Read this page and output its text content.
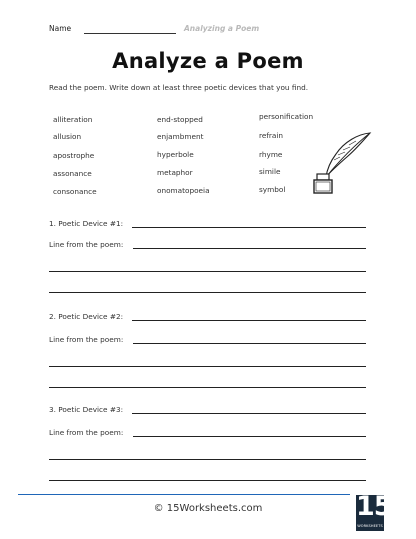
Name	Analyzing a Poem
Analyze a Poem
Read the poem. Write down at least three poetic devices that you find.
alliteration
allusion
apostrophe
assonance
consonance
end-stopped
enjambment
hyperbole
metaphor
onomatopoeia
personification
refrain
rhyme
simile
symbol
1. Poetic Device #1:
Line from the poem:
2. Poetic Device #2:
Line from the poem:
3. Poetic Device #3:
Line from the poem:
© 15Worksheets.com	15
WORKSHEETS
